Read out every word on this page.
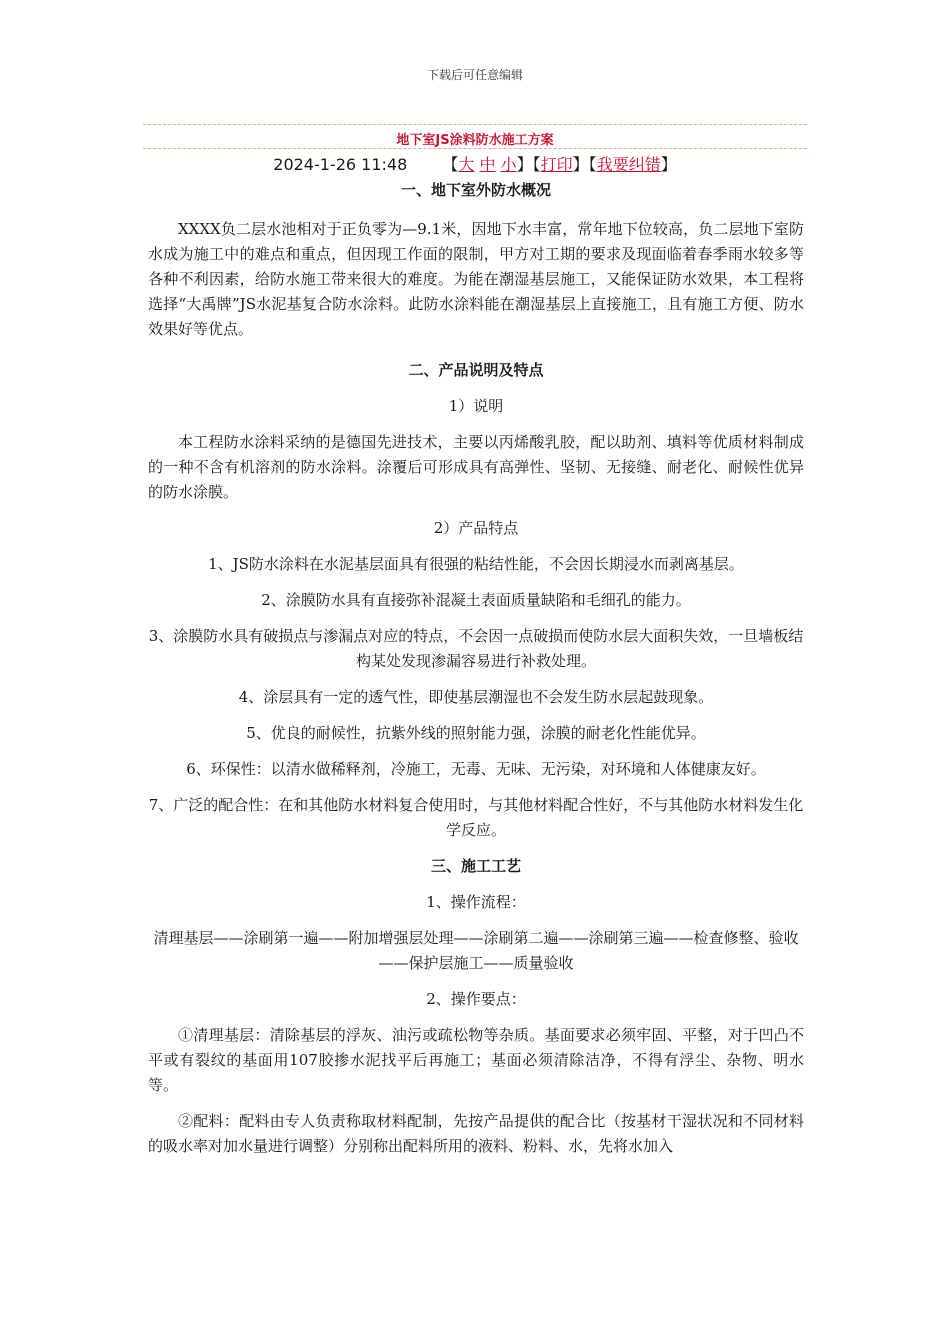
下载后可任意编辑
地下室JS涂料防水施工方案
2024-1-26 11:48 【大 中 小】【打印】【我要纠错】

一、地下室外防水概况

XXXX负二层水池相对于正负零为—9.1米，因地下水丰富，常年地下位较高，负二层地下室防水成为施工中的难点和重点，但因现工作面的限制，甲方对工期的要求及现面临着春季雨水较多等各种不利因素，给防水施工带来很大的难度。为能在潮湿基层施工，又能保证防水效果，本工程将选择“大禹牌”JS水泥基复合防水涂料。此防水涂料能在潮湿基层上直接施工，且有施工方便、防水效果好等优点。

二、产品说明及特点

1）说明

本工程防水涂料采纳的是德国先进技术，主要以丙烯酸乳胶，配以助剂、填料等优质材料制成的一种不含有机溶剂的防水涂料。涂覆后可形成具有高弹性、坚韧、无接缝、耐老化、耐候性优异的防水涂膜。

2）产品特点

1、JS防水涂料在水泥基层面具有很强的粘结性能，不会因长期浸水而剥离基层。

2、涂膜防水具有直接弥补混凝土表面质量缺陷和毛细孔的能力。

3、涂膜防水具有破损点与渗漏点对应的特点，不会因一点破损而使防水层大面积失效，一旦墙板结构某处发现渗漏容易进行补救处理。

4、涂层具有一定的透气性，即使基层潮湿也不会发生防水层起鼓现象。

5、优良的耐候性，抗紫外线的照射能力强，涂膜的耐老化性能优异。

6、环保性：以清水做稀释剂，冷施工，无毒、无味、无污染，对环境和人体健康友好。

7、广泛的配合性：在和其他防水材料复合使用时，与其他材料配合性好，不与其他防水材料发生化学反应。

三、施工工艺

1、操作流程：

清理基层——涂刷第一遍——附加增强层处理——涂刷第二遍——涂刷第三遍——检查修整、验收——保护层施工——质量验收

2、操作要点：

①清理基层：清除基层的浮灰、油污或疏松物等杂质。基面要求必须牢固、平整，对于凹凸不平或有裂纹的基面用107胶掺水泥找平后再施工；基面必须清除洁净，不得有浮尘、杂物、明水等。

②配料：配料由专人负责称取材料配制，先按产品提供的配合比（按基材干湿状况和不同材料的吸水率对加水量进行调整）分别称出配料所用的液料、粉料、水，先将水加入
